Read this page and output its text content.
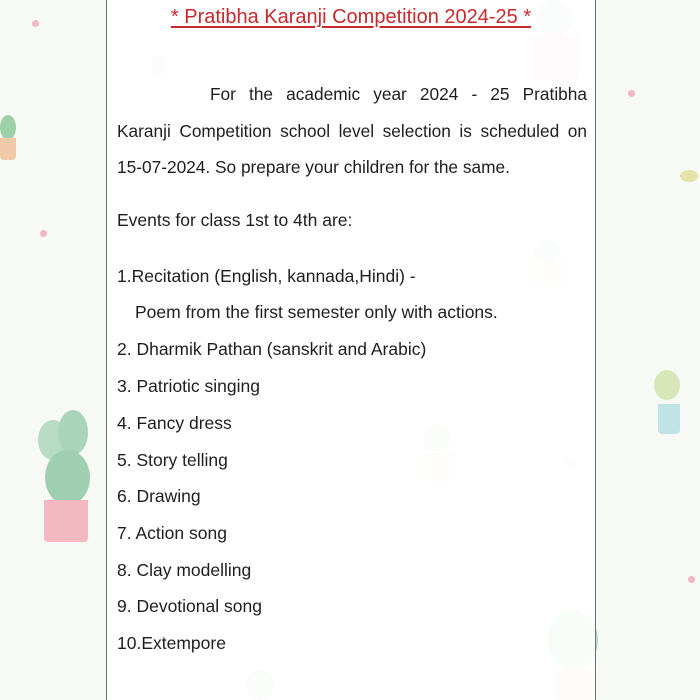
* Pratibha Karanji Competition 2024-25 *
For the academic year 2024 - 25 Pratibha Karanji Competition school level selection is scheduled on 15-07-2024. So prepare your children for the same.
Events for class 1st to 4th are:
1.Recitation (English, kannada,Hindi) -
Poem from the first semester only with actions.
2. Dharmik Pathan (sanskrit and Arabic)
3. Patriotic singing
4. Fancy dress
5. Story telling
6. Drawing
7. Action song
8. Clay modelling
9. Devotional song
10.Extempore
